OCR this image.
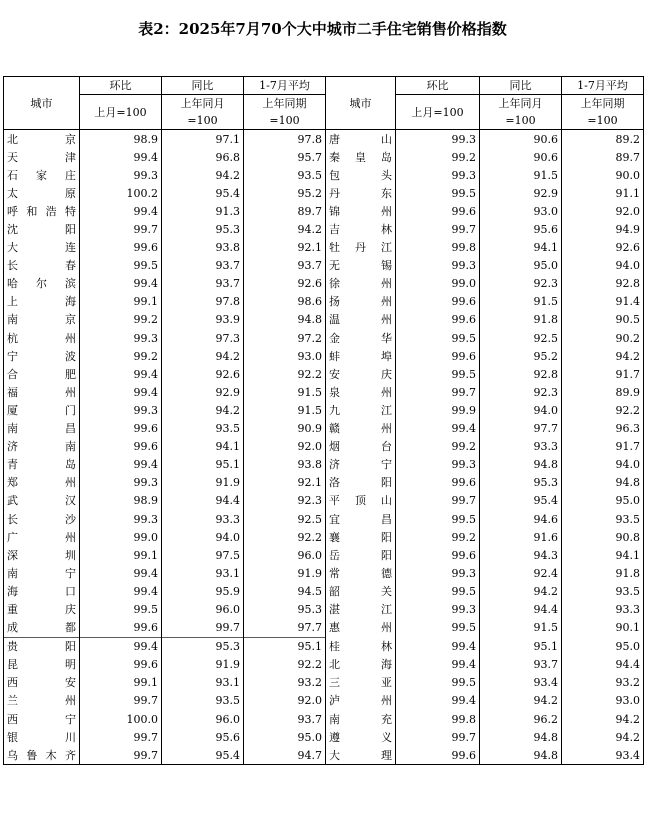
表2：2025年7月70个大中城市二手住宅销售价格指数
城市	环比	同比	1-7月平均	城市	环比	同比	1-7月平均
	上月=100	上年同月=100	上年同期=100		上月=100	上年同月=100	上年同期=100
北 京	98.9	97.1	97.8	唐 山	99.3	90.6	89.2
天 津	99.4	96.8	95.7	秦皇岛	99.2	90.6	89.7
石家庄	99.3	94.2	93.5	包 头	99.3	91.5	90.0
太 原	100.2	95.4	95.2	丹 东	99.5	92.9	91.1
呼和浩特	99.4	91.3	89.7	锦 州	99.6	93.0	92.0
沈 阳	99.7	95.3	94.2	吉 林	99.7	95.6	94.9
大 连	99.6	93.8	92.1	牡丹江	99.8	94.1	92.6
长 春	99.5	93.7	93.7	无 锡	99.3	95.0	94.0
哈尔滨	99.4	93.7	92.6	徐 州	99.0	92.3	92.8
上 海	99.1	97.8	98.6	扬 州	99.6	91.5	91.4
南 京	99.2	93.9	94.8	温 州	99.6	91.8	90.5
杭 州	99.3	97.3	97.2	金 华	99.5	92.5	90.2
宁 波	99.2	94.2	93.0	蚌 埠	99.6	95.2	94.2
合 肥	99.4	92.6	92.2	安 庆	99.5	92.8	91.7
福 州	99.4	92.9	91.5	泉 州	99.7	92.3	89.9
厦 门	99.3	94.2	91.5	九 江	99.9	94.0	92.2
南 昌	99.6	93.5	90.9	赣 州	99.4	97.7	96.3
济 南	99.6	94.1	92.0	烟 台	99.2	93.3	91.7
青 岛	99.4	95.1	93.8	济 宁	99.3	94.8	94.0
郑 州	99.3	91.9	92.1	洛 阳	99.6	95.3	94.8
武 汉	98.9	94.4	92.3	平顶山	99.7	95.4	95.0
长 沙	99.3	93.3	92.5	宜 昌	99.5	94.6	93.5
广 州	99.0	94.0	92.2	襄 阳	99.2	91.6	90.8
深 圳	99.1	97.5	96.0	岳 阳	99.6	94.3	94.1
南 宁	99.4	93.1	91.9	常 德	99.3	92.4	91.8
海 口	99.4	95.9	94.5	韶 关	99.5	94.2	93.5
重 庆	99.5	96.0	95.3	湛 江	99.3	94.4	93.3
成 都	99.6	99.7	97.7	惠 州	99.5	91.5	90.1
贵 阳	99.4	95.3	95.1	桂 林	99.4	95.1	95.0
昆 明	99.6	91.9	92.2	北 海	99.4	93.7	94.4
西 安	99.1	93.1	93.2	三 亚	99.5	93.4	93.2
兰 州	99.7	93.5	92.0	泸 州	99.4	94.2	93.0
西 宁	100.0	96.0	93.7	南 充	99.8	96.2	94.2
银 川	99.7	95.6	95.0	遵 义	99.7	94.8	94.2
乌鲁木齐	99.7	95.4	94.7	大 理	99.6	94.8	93.4
